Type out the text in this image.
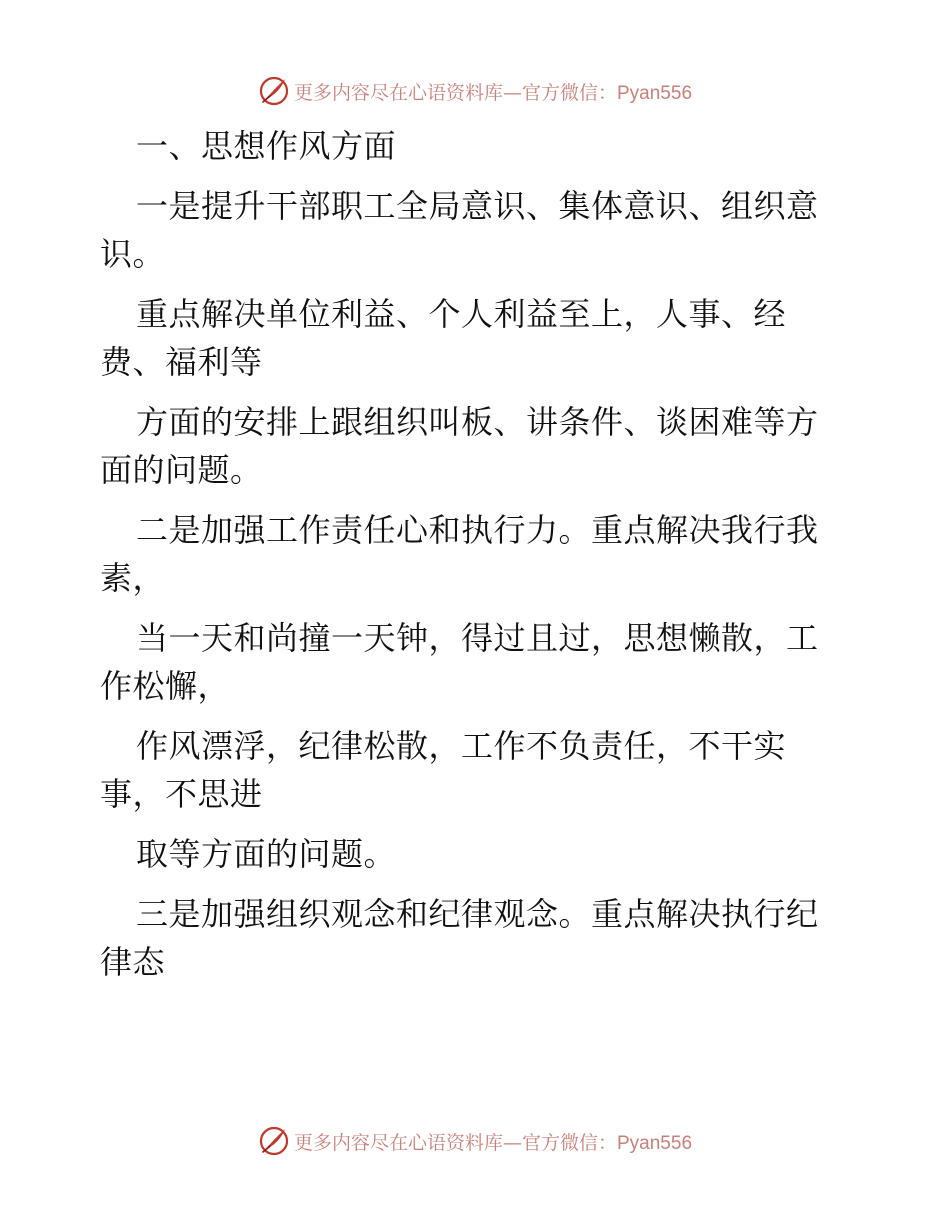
更多内容尽在心语资料库—官方微信：Pyan556
一、思想作风方面
一是提升干部职工全局意识、集体意识、组织意
识。
重点解决单位利益、个人利益至上，人事、经
费、福利等
方面的安排上跟组织叫板、讲条件、谈困难等方
面的问题。
二是加强工作责任心和执行力。重点解决我行我
素，
当一天和尚撞一天钟，得过且过，思想懒散，工
作松懈，
作风漂浮，纪律松散，工作不负责任，不干实
事，不思进
取等方面的问题。
三是加强组织观念和纪律观念。重点解决执行纪
律态
更多内容尽在心语资料库—官方微信：Pyan556
